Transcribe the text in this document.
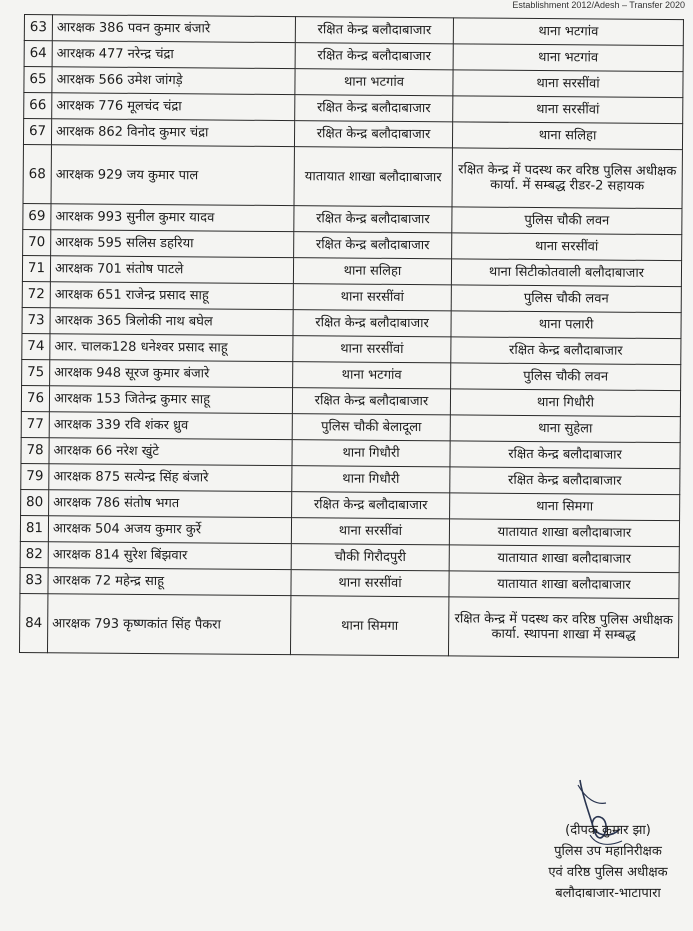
Establishment 2012/Adesh – Transfer 2020
63	आरक्षक 386 पवन कुमार बंजारे	रक्षित केन्द्र बलौदाबाजार	थाना भटगांव
64	आरक्षक 477 नरेन्द्र चंद्रा	रक्षित केन्द्र बलौदाबाजार	थाना भटगांव
65	आरक्षक 566 उमेश जांगड़े	थाना भटगांव	थाना सरसींवां
66	आरक्षक 776 मूलचंद चंद्रा	रक्षित केन्द्र बलौदाबाजार	थाना सरसींवां
67	आरक्षक 862 विनोद कुमार चंद्रा	रक्षित केन्द्र बलौदाबाजार	थाना सलिहा
68	आरक्षक 929 जय कुमार पाल	यातायात शाखा बलौदााबाजार	रक्षित केन्द्र में पदस्थ कर वरिष्ठ पुलिस अधीक्षक कार्या. में सम्बद्ध रीडर-2 सहायक
69	आरक्षक 993 सुनील कुमार यादव	रक्षित केन्द्र बलौदाबाजार	पुलिस चौकी लवन
70	आरक्षक 595 सलिस डहरिया	रक्षित केन्द्र बलौदाबाजार	थाना सरसींवां
71	आरक्षक 701 संतोष पाटले	थाना सलिहा	थाना सिटीकोतवाली बलौदाबाजार
72	आरक्षक 651 राजेन्द्र प्रसाद साहू	थाना सरसींवां	पुलिस चौकी लवन
73	आरक्षक 365 त्रिलोकी नाथ बघेल	रक्षित केन्द्र बलौदाबाजार	थाना पलारी
74	आर. चालक128 धनेश्वर प्रसाद साहू	थाना सरसींवां	रक्षित केन्द्र बलौदाबाजार
75	आरक्षक 948 सूरज कुमार बंजारे	थाना भटगांव	पुलिस चौकी लवन
76	आरक्षक 153 जितेन्द्र कुमार साहू	रक्षित केन्द्र बलौदाबाजार	थाना गिधौरी
77	आरक्षक 339 रवि शंकर ध्रुव	पुलिस चौकी बेलादूला	थाना सुहेला
78	आरक्षक 66 नरेश खुंटे	थाना गिधौरी	रक्षित केन्द्र बलौदाबाजार
79	आरक्षक 875 सत्येन्द्र सिंह बंजारे	थाना गिधौरी	रक्षित केन्द्र बलौदाबाजार
80	आरक्षक 786 संतोष भगत	रक्षित केन्द्र बलौदाबाजार	थाना सिमगा
81	आरक्षक 504 अजय कुमार कुर्रे	थाना सरसींवां	यातायात शाखा बलौदाबाजार
82	आरक्षक 814 सुरेश बिंझवार	चौकी गिरौदपुरी	यातायात शाखा बलौदाबाजार
83	आरक्षक 72 महेन्द्र साहू	थाना सरसींवां	यातायात शाखा बलौदाबाजार
84	आरक्षक 793 कृष्णकांत सिंह पैकरा	थाना सिमगा	रक्षित केन्द्र में पदस्थ कर वरिष्ठ पुलिस अधीक्षक कार्या. स्थापना शाखा में सम्बद्ध
(दीपक कुमार झा)
पुलिस उप महानिरीक्षक
एवं वरिष्ठ पुलिस अधीक्षक
बलौदाबाजार-भाटापारा
